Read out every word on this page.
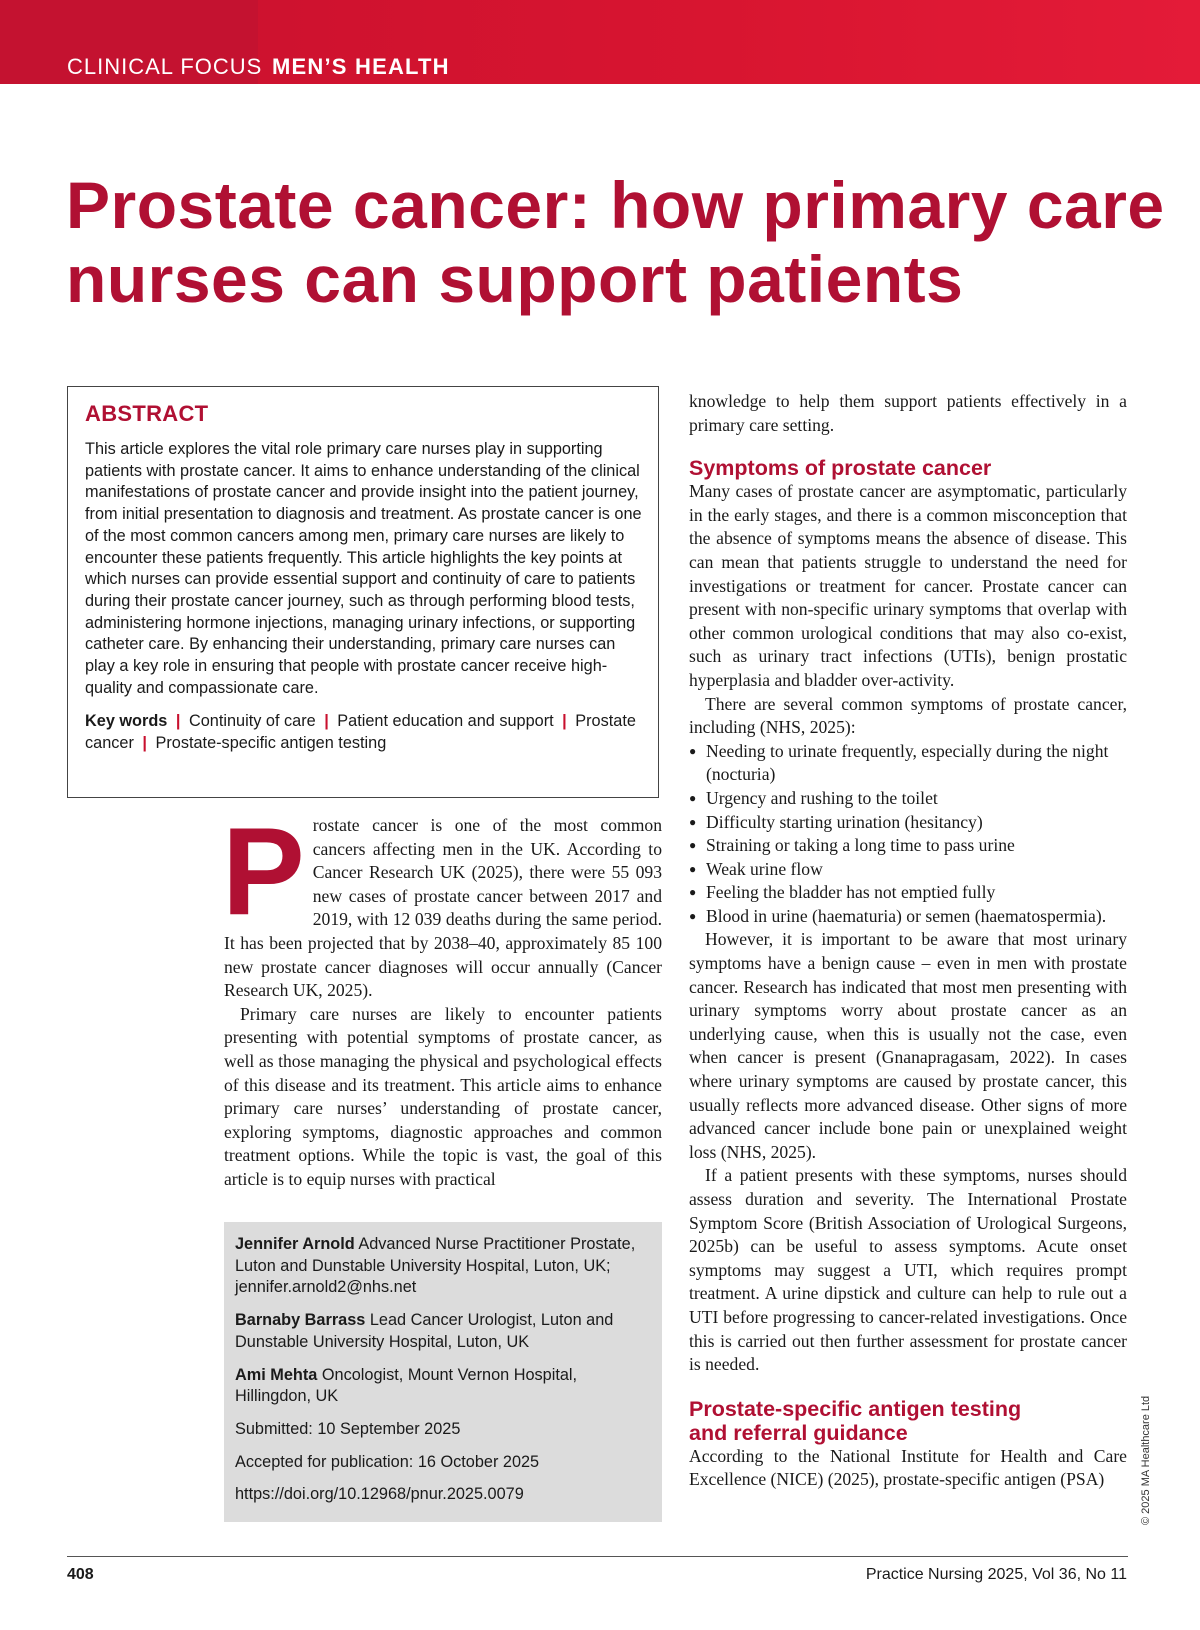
CLINICAL FOCUS MEN’S HEALTH
Prostate cancer: how primary care nurses can support patients
ABSTRACT

This article explores the vital role primary care nurses play in supporting patients with prostate cancer. It aims to enhance understanding of the clinical manifestations of prostate cancer and provide insight into the patient journey, from initial presentation to diagnosis and treatment. As prostate cancer is one of the most common cancers among men, primary care nurses are likely to encounter these patients frequently. This article highlights the key points at which nurses can provide essential support and continuity of care to patients during their prostate cancer journey, such as through performing blood tests, administering hormone injections, managing urinary infections, or supporting catheter care. By enhancing their understanding, primary care nurses can play a key role in ensuring that people with prostate cancer receive high-quality and compassionate care.

Key words | Continuity of care | Patient education and support | Prostate cancer | Prostate-specific antigen testing

Prostate cancer is one of the most common cancers affecting men in the UK. According to Cancer Research UK (2025), there were 55 093 new cases of prostate cancer between 2017 and 2019, with 12 039 deaths during the same period. It has been projected that by 2038–40, approximately 85 100 new prostate cancer diagnoses will occur annually (Cancer Research UK, 2025).

Primary care nurses are likely to encounter patients presenting with potential symptoms of prostate cancer, as well as those managing the physical and psychological effects of this disease and its treatment. This article aims to enhance primary care nurses’ understanding of prostate cancer, exploring symptoms, diagnostic approaches and common treatment options. While the topic is vast, the goal of this article is to equip nurses with practical

Jennifer Arnold Advanced Nurse Practitioner Prostate, Luton and Dunstable University Hospital, Luton, UK; jennifer.arnold2@nhs.net

Barnaby Barrass Lead Cancer Urologist, Luton and Dunstable University Hospital, Luton, UK

Ami Mehta Oncologist, Mount Vernon Hospital, Hillingdon, UK

Submitted: 10 September 2025

Accepted for publication: 16 October 2025

https://doi.org/10.12968/pnur.2025.0079

knowledge to help them support patients effectively in a primary care setting.

Symptoms of prostate cancer

Many cases of prostate cancer are asymptomatic, particularly in the early stages, and there is a common misconception that the absence of symptoms means the absence of disease. This can mean that patients struggle to understand the need for investigations or treatment for cancer. Prostate cancer can present with non-specific urinary symptoms that overlap with other common urological conditions that may also co-exist, such as urinary tract infections (UTIs), benign prostatic hyperplasia and bladder over-activity.

There are several common symptoms of prostate cancer, including (NHS, 2025):

● Needing to urinate frequently, especially during the night (nocturia)
● Urgency and rushing to the toilet
● Difficulty starting urination (hesitancy)
● Straining or taking a long time to pass urine
● Weak urine flow
● Feeling the bladder has not emptied fully
● Blood in urine (haematuria) or semen (haematospermia).

However, it is important to be aware that most urinary symptoms have a benign cause – even in men with prostate cancer. Research has indicated that most men presenting with urinary symptoms worry about prostate cancer as an underlying cause, when this is usually not the case, even when cancer is present (Gnanapragasam, 2022). In cases where urinary symptoms are caused by prostate cancer, this usually reflects more advanced disease. Other signs of more advanced cancer include bone pain or unexplained weight loss (NHS, 2025).

If a patient presents with these symptoms, nurses should assess duration and severity. The International Prostate Symptom Score (British Association of Urological Surgeons, 2025b) can be useful to assess symptoms. Acute onset symptoms may suggest a UTI, which requires prompt treatment. A urine dipstick and culture can help to rule out a UTI before progressing to cancer-related investigations. Once this is carried out then further assessment for prostate cancer is needed.

Prostate-specific antigen testing
and referral guidance

According to the National Institute for Health and Care Excellence (NICE) (2025), prostate-specific antigen (PSA)	© 2025 MA Healthcare Ltd
408	Practice Nursing 2025, Vol 36, No 11
